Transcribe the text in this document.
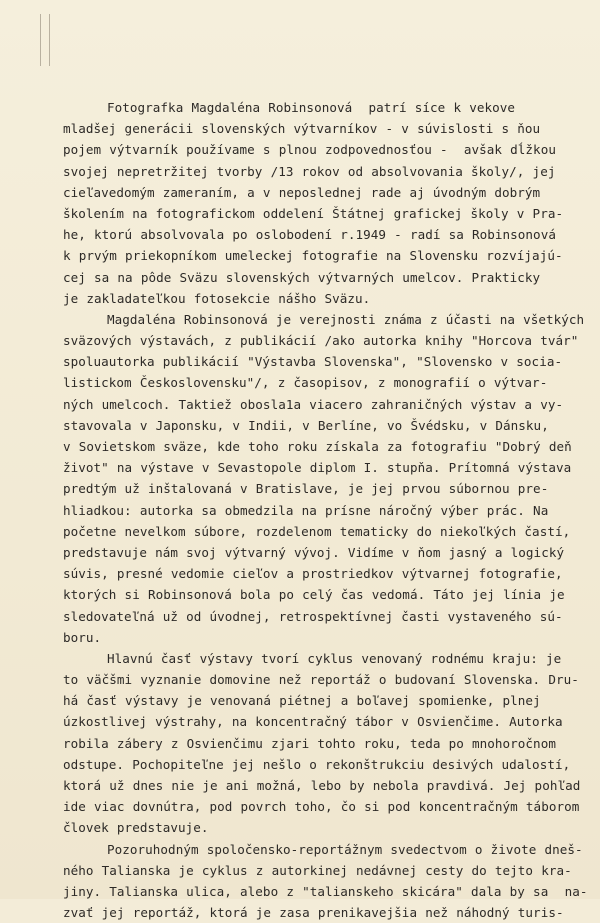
Fotografka Magdaléna Robinsonová  patrí síce k vekove
mladšej generácii slovenských výtvarníkov - v súvislosti s ňou
pojem výtvarník používame s plnou zodpovednosťou -  avšak dĺžkou
svojej nepretržitej tvorby /13 rokov od absolvovania školy/, jej
cieľavedomým zameraním, a v neposlednej rade aj úvodným dobrým
školením na fotografickom oddelení Štátnej grafickej školy v Pra-
he, ktorú absolvovala po oslobodení r.1949 - radí sa Robinsonová
k prvým priekopníkom umeleckej fotografie na Slovensku rozvíjajú-
cej sa na pôde Sväzu slovenských výtvarných umelcov. Prakticky
je zakladateľkou fotosekcie nášho Sväzu.
Magdaléna Robinsonová je verejnosti známa z účasti na všetkých
sväzových výstavách, z publikácií /ako autorka knihy "Horcova tvár"
spoluautorka publikácií "Výstavba Slovenska", "Slovensko v socia-
listickom Československu"/, z časopisov, z monografií o výtvar-
ných umelcoch. Taktiež obosla1a viacero zahraničných výstav a vy-
stavovala v Japonsku, v Indii, v Berlíne, vo Švédsku, v Dánsku,
v Sovietskom sväze, kde toho roku získala za fotografiu "Dobrý deň
život" na výstave v Sevastopole diplom I. stupňa. Prítomná výstava
predtým už inštalovaná v Bratislave, je jej prvou súbornou pre-
hliadkou: autorka sa obmedzila na prísne náročný výber prác. Na
početne nevelkom súbore, rozdelenom tematicky do niekoľkých častí,
predstavuje nám svoj výtvarný vývoj. Vidíme v ňom jasný a logický
súvis, presné vedomie cieľov a prostriedkov výtvarnej fotografie,
ktorých si Robinsonová bola po celý čas vedomá. Táto jej línia je
sledovateľná už od úvodnej, retrospektívnej časti vystaveného sú-
boru.
Hlavnú časť výstavy tvorí cyklus venovaný rodnému kraju: je
to väčšmi vyznanie domovine než reportáž o budovaní Slovenska. Dru-
há časť výstavy je venovaná piétnej a boľavej spomienke, plnej
úzkostlivej výstrahy, na koncentračný tábor v Osvienčime. Autorka
robila zábery z Osvienčimu zjari tohto roku, teda po mnohoročnom
odstupe. Pochopiteľne jej nešlo o rekonštrukciu desivých udalostí,
ktorá už dnes nie je ani možná, lebo by nebola pravdivá. Jej pohľad
ide viac dovnútra, pod povrch toho, čo si pod koncentračným táborom
človek predstavuje.
Pozoruhodným spoločensko-reportážnym svedectvom o živote dneš-
ného Talianska je cyklus z autorkinej nedávnej cesty do tejto kra-
jiny. Talianska ulica, alebo z "talianskeho skicára" dala by sa  na-
zvať jej reportáž, ktorá je zasa prenikavejšia než náhodný turis-
